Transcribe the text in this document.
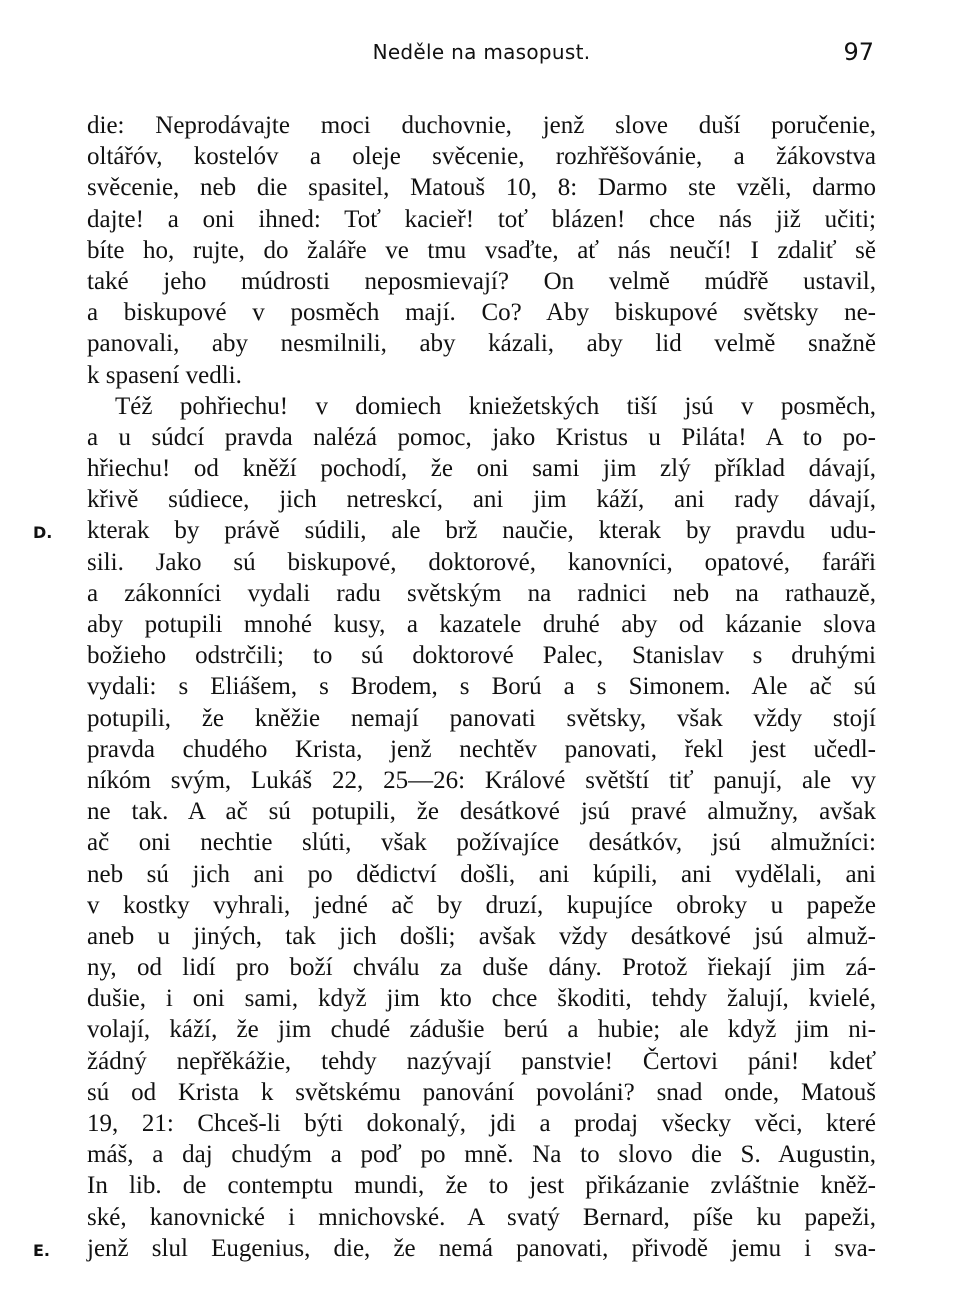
Neděle na masopust.	97
die: Neprodávajte moci duchovnie, jenž slove duší poručenie,
oltářóv, kostelóv a oleje svěcenie, rozhřěšovánie, a žákovstva
svěcenie, neb die spasitel, Matouš 10, 8: Darmo ste vzěli, darmo
dajte! a oni ihned: Toť kacieř! toť blázen! chce nás již učiti;
bíte ho, rujte, do žaláře ve tmu vsaďte, ať nás neučí! I zdaliť sě
také jeho múdrosti neposmievají? On velmě múdřě ustavil,
a biskupové v posměch mají. Co? Aby biskupové světsky ne-
panovali, aby nesmilnili, aby kázali, aby lid velmě snažně
k spasení vedli.
Též pohřiechu! v domiech kniežetských tiší jsú v posměch,
a u súdcí pravda nalézá pomoc, jako Kristus u Piláta! A to po-
hřiechu! od kněží pochodí, že oni sami jim zlý příklad dávají,
křivě súdiece, jich netreskcí, ani jim káží, ani rady dávají,
D. kterak by právě súdili, ale brž naučie, kterak by pravdu udu-
sili. Jako sú biskupové, doktorové, kanovníci, opatové, faráři
a zákonníci vydali radu světským na radnici neb na rathauzě,
aby potupili mnohé kusy, a kazatele druhé aby od kázanie slova
božieho odstrčili; to sú doktorové Palec, Stanislav s druhými
vydali: s Eliášem, s Brodem, s Ború a s Simonem. Ale ač sú
potupili, že kněžie nemají panovati světsky, však vždy stojí
pravda chudého Krista, jenž nechtěv panovati, řekl jest učedl-
níkóm svým, Lukáš 22, 25—26: Králové světští tiť panují, ale vy
ne tak. A ač sú potupili, že desátkové jsú pravé almužny, avšak
ač oni nechtie slúti, však požívajíce desátkóv, jsú almužníci:
neb sú jich ani po dědictví došli, ani kúpili, ani vydělali, ani
v kostky vyhrali, jedné ač by druzí, kupujíce obroky u papeže
aneb u jiných, tak jich došli; avšak vždy desátkové jsú almuž-
ny, od lidí pro boží chválu za duše dány. Protož řiekají jim zá-
dušie, i oni sami, když jim kto chce škoditi, tehdy žalují, kvielé,
volají, káží, že jim chudé zádušie berú a hubie; ale když jim ni-
žádný nepřěkážie, tehdy nazývají panstvie! Čertovi páni! kdeť
sú od Krista k světskému panování povoláni? snad onde, Matouš
19, 21: Chceš-li býti dokonalý, jdi a prodaj všecky věci, které
máš, a daj chudým a poď po mně. Na to slovo die S. Augustin,
In lib. de contemptu mundi, že to jest přikázanie zvláštnie kněž-
ské, kanovnické i mnichovské. A svatý Bernard, píše ku papeži,
E. jenž slul Eugenius, die, že nemá panovati, přivodě jemu i sva-
